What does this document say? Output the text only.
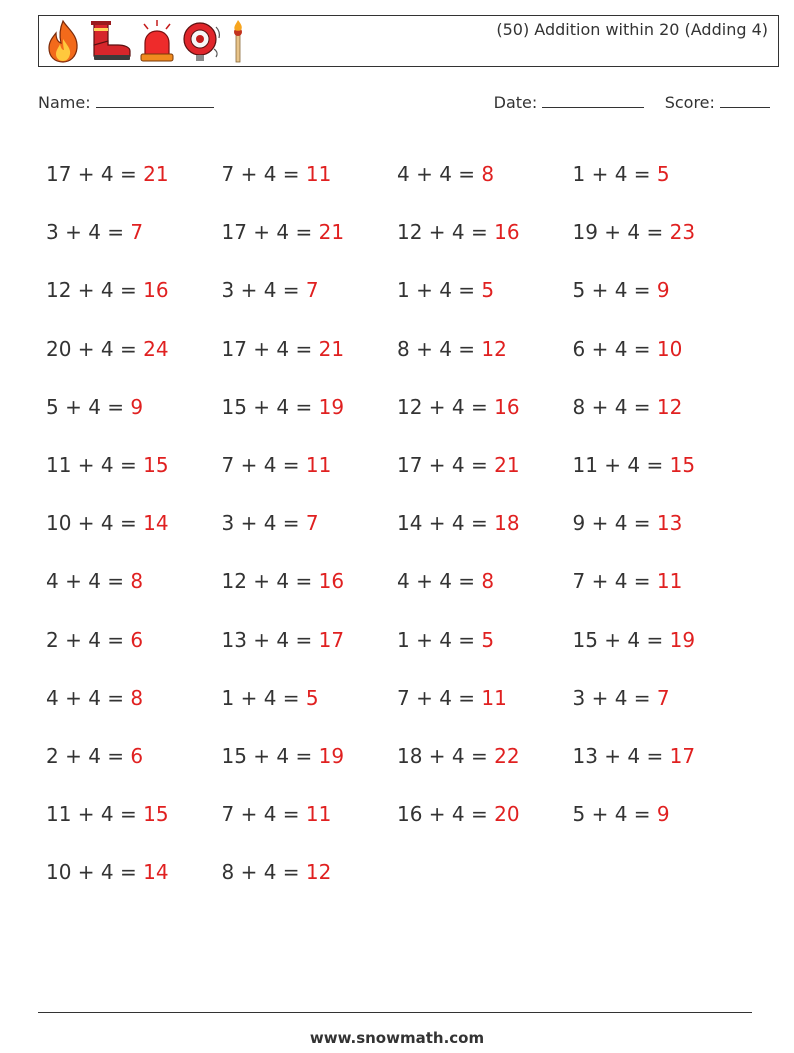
(50) Addition within 20 (Adding 4)
Name:	Date:	Score:
17 + 4 = 21	7 + 4 = 11	4 + 4 = 8	1 + 4 = 5
3 + 4 = 7	17 + 4 = 21	12 + 4 = 16	19 + 4 = 23
12 + 4 = 16	3 + 4 = 7	1 + 4 = 5	5 + 4 = 9
20 + 4 = 24	17 + 4 = 21	8 + 4 = 12	6 + 4 = 10
5 + 4 = 9	15 + 4 = 19	12 + 4 = 16	8 + 4 = 12
11 + 4 = 15	7 + 4 = 11	17 + 4 = 21	11 + 4 = 15
10 + 4 = 14	3 + 4 = 7	14 + 4 = 18	9 + 4 = 13
4 + 4 = 8	12 + 4 = 16	4 + 4 = 8	7 + 4 = 11
2 + 4 = 6	13 + 4 = 17	1 + 4 = 5	15 + 4 = 19
4 + 4 = 8	1 + 4 = 5	7 + 4 = 11	3 + 4 = 7
2 + 4 = 6	15 + 4 = 19	18 + 4 = 22	13 + 4 = 17
11 + 4 = 15	7 + 4 = 11	16 + 4 = 20	5 + 4 = 9
10 + 4 = 14	8 + 4 = 12
www.snowmath.com
